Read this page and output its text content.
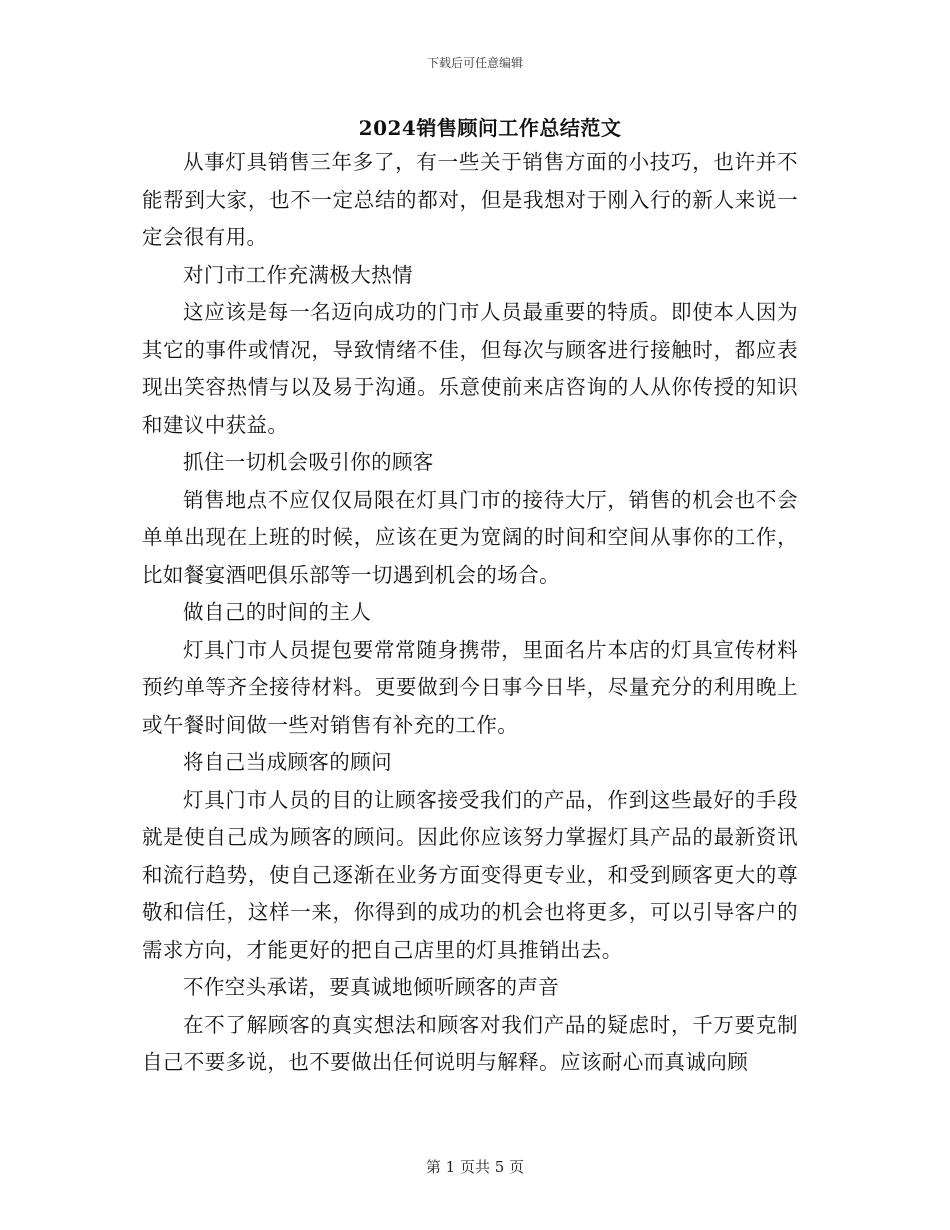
下载后可任意编辑
2024销售顾问工作总结范文

从事灯具销售三年多了，有一些关于销售方面的小技巧，也许并不能帮到大家，也不一定总结的都对，但是我想对于刚入行的新人来说一定会很有用。

对门市工作充满极大热情

这应该是每一名迈向成功的门市人员最重要的特质。即使本人因为其它的事件或情况，导致情绪不佳，但每次与顾客进行接触时，都应表现出笑容热情与以及易于沟通。乐意使前来店咨询的人从你传授的知识和建议中获益。

抓住一切机会吸引你的顾客

销售地点不应仅仅局限在灯具门市的接待大厅，销售的机会也不会单单出现在上班的时候，应该在更为宽阔的时间和空间从事你的工作，比如餐宴酒吧俱乐部等一切遇到机会的场合。

做自己的时间的主人

灯具门市人员提包要常常随身携带，里面名片本店的灯具宣传材料预约单等齐全接待材料。更要做到今日事今日毕，尽量充分的利用晚上或午餐时间做一些对销售有补充的工作。

将自己当成顾客的顾问

灯具门市人员的目的让顾客接受我们的产品，作到这些最好的手段就是使自己成为顾客的顾问。因此你应该努力掌握灯具产品的最新资讯和流行趋势，使自己逐渐在业务方面变得更专业，和受到顾客更大的尊敬和信任，这样一来，你得到的成功的机会也将更多，可以引导客户的需求方向，才能更好的把自己店里的灯具推销出去。

不作空头承诺，要真诚地倾听顾客的声音

在不了解顾客的真实想法和顾客对我们产品的疑虑时，千万要克制自己不要多说，也不要做出任何说明与解释。应该耐心而真诚向顾

第 1 页共 5 页
